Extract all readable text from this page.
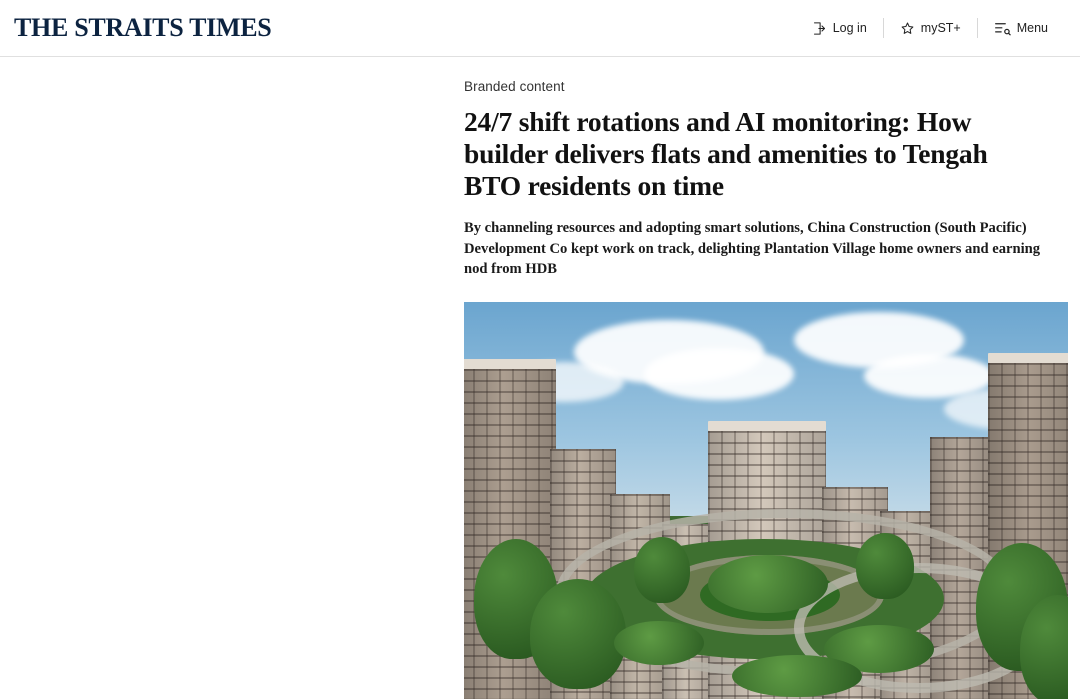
THE STRAITS TIMES	Log in	myST+	Menu
Branded content
24/7 shift rotations and AI monitoring: How builder delivers flats and amenities to Tengah BTO residents on time

By channeling resources and adopting smart solutions, China Construction (South Pacific) Development Co kept work on track, delighting Plantation Village home owners and earning nod from HDB
